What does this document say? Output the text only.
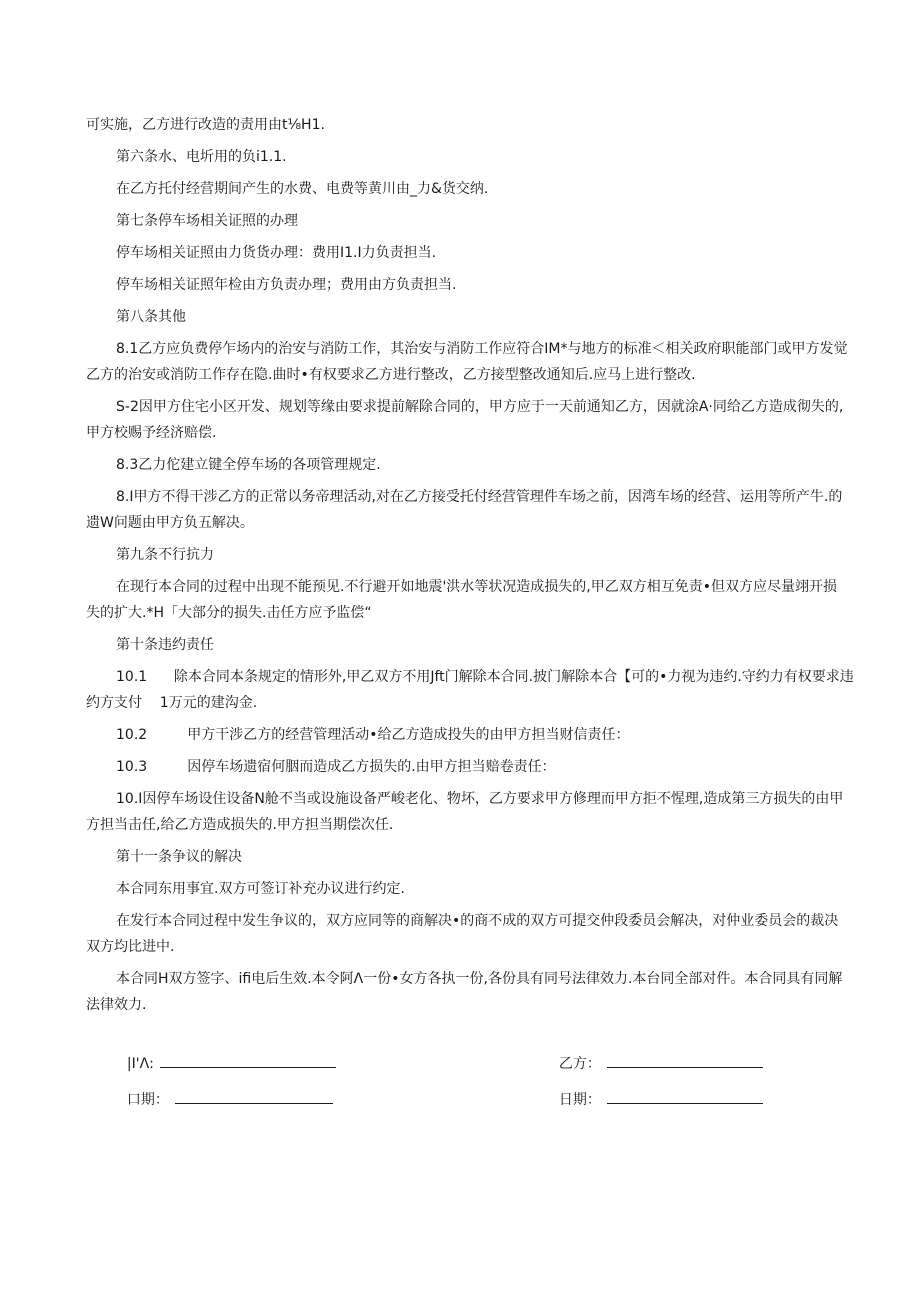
可实施，乙方进行改造的责用由t⅛H1.

第六条水、电圻用的负i1.1.

在乙方托付经营期间产生的水费、电费等黄川由_力&货交纳.

第七条停车场相关证照的办理

停车场相关证照由力货货办理：费用I1.I力负责担当.

停车场相关证照年检由方负责办理；费用由方负责担当.

第八条其他

8.1乙方应负费停乍场内的治安与消防工作，其治安与消防工作应符合IM*与地方的标准＜相关政府职能部门或甲方发觉

乙方的治安或消防工作存在隐.曲时•有权要求乙方进行整改，乙方接型整改通知后.应马上进行整改.

S-2因甲方住宅小区开发、规划等缘由要求提前解除合同的，甲方应于一天前通知乙方，因就涂A·同给乙方造成彻失的,

甲方校赐予经济赔偿.

8.3乙力佗建立键全停车场的各项管理规定.

8.I甲方不得干涉乙方的正常以务帝理活动,对在乙方接受托付经营管理件车场之前，因湾车场的经营、运用等所产牛.的

遗W问题由甲方负五解决。

第九条不行抗力

在现行本合同的过程中出现不能预见.不行避开如地震'洪水等状况造成损失的,甲乙双方相互免责•但双方应尽量翊开损

失的扩大.*H「大部分的损失.击任方应予监偿“

第十条违约责任

10.1      除本合同本条规定的情形外,甲乙双方不用Jft门解除本合同.披门解除本合【可的•力视为违约.守约力有权要求违

约方支付    1万元的建沟金.

10.2         甲方干涉乙方的经营管理活动•给乙方造成投失的由甲方担当财信责任：

10.3         因停车场遗宿何胭而造成乙方损失的.由甲方担当赔卷责任：

10.I因停车场设住设备N舱不当或设施设备严峻老化、物坏，乙方要求甲方修理而甲方拒不惺理,造成第三方损失的由甲

方担当击任,给乙方造成损失的.甲方担当期偿次任.

第十一条争议的解决

本合同东用事宜.双方可签订补充办议进行约定.

在发行本合同过程中发生争议的，双方应同等的商解决•的商不成的双方可提交仲段委员会解决，对仲业委员会的裁决

双方均比进中.

本合同H双方签字、ifi电后生效.本令阿Λ一份•女方各执一份,各份具有同号法律效力.本台同全部对件。本合同具有同解

法律效力.

|I'Λ:

口期：

乙方：

日期：
